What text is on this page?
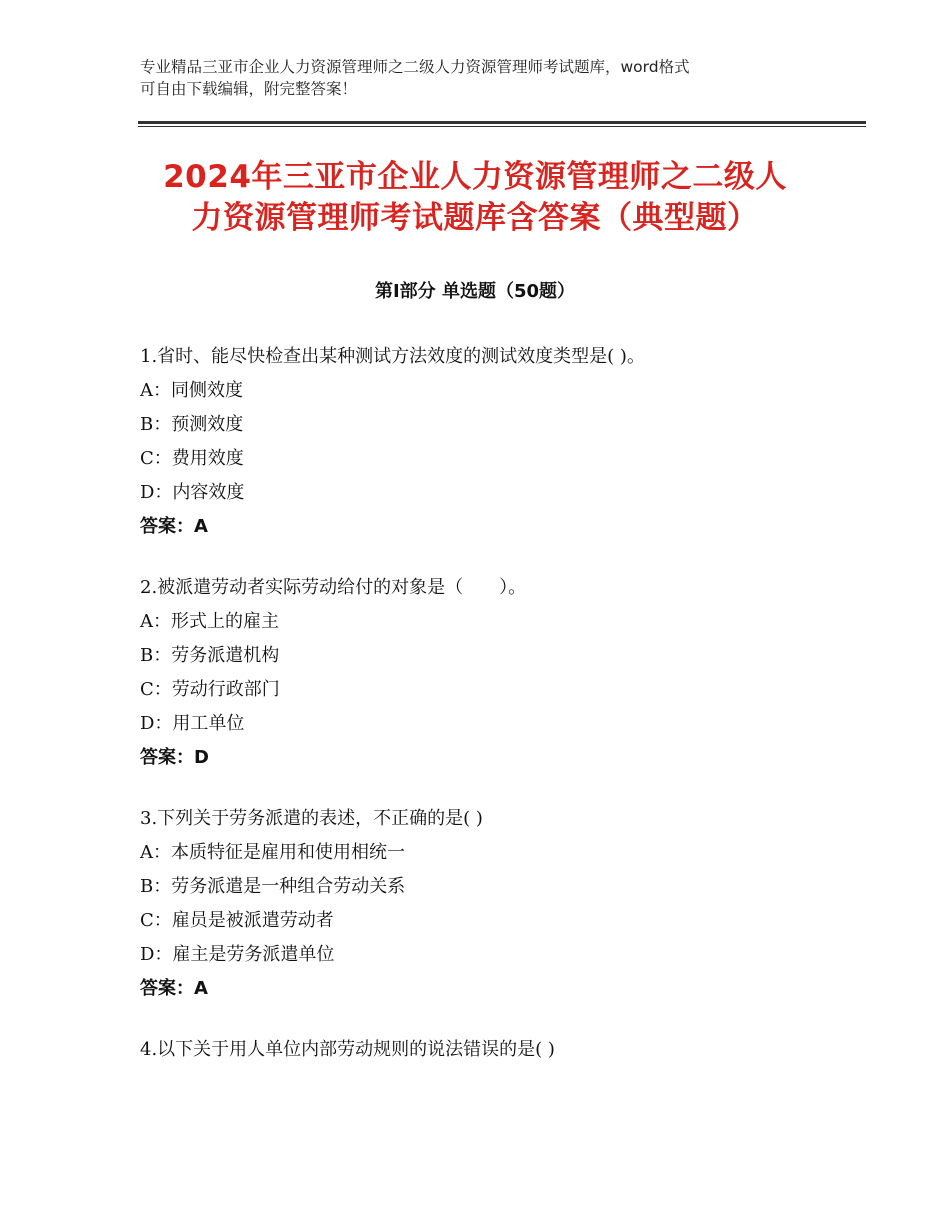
专业精品三亚市企业人力资源管理师之二级人力资源管理师考试题库，word格式
可自由下载编辑，附完整答案！
2024年三亚市企业人力资源管理师之二级人
力资源管理师考试题库含答案（典型题）
第Ⅰ部分 单选题（50题）
1.省时、能尽快检查出某种测试方法效度的测试效度类型是( )。
A：同侧效度
B：预测效度
C：费用效度
D：内容效度
答案：A
2.被派遣劳动者实际劳动给付的对象是（　　）。
A：形式上的雇主
B：劳务派遣机构
C：劳动行政部门
D：用工单位
答案：D
3.下列关于劳务派遣的表述，不正确的是( )
A：本质特征是雇用和使用相统一
B：劳务派遣是一种组合劳动关系
C：雇员是被派遣劳动者
D：雇主是劳务派遣单位
答案：A
4.以下关于用人单位内部劳动规则的说法错误的是( )
